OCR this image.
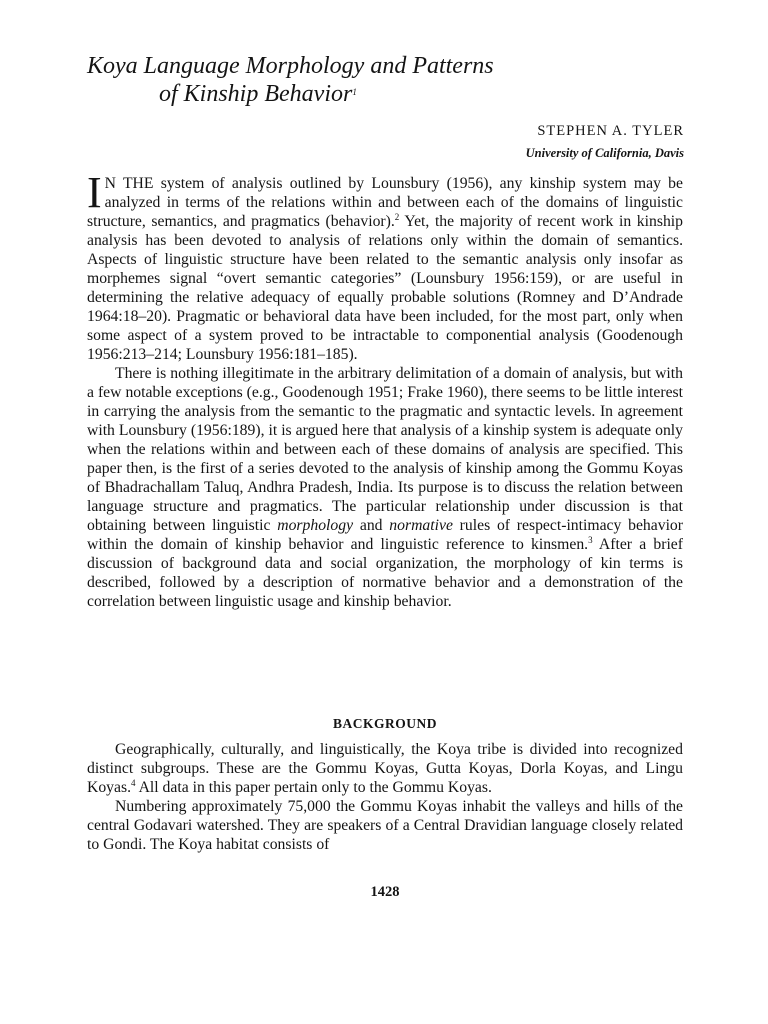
Koya Language Morphology and Patterns
of Kinship Behavior$^1$
STEPHEN A. TYLER
University of California, Davis

I N THE system of analysis outlined by Lounsbury (1956), any kinship system may be analyzed in terms of the relations within and between each of the domains of linguistic structure, semantics, and pragmatics (behavior).$^2$ Yet, the majority of recent work in kinship analysis has been devoted to analysis of relations only within the domain of semantics. Aspects of linguistic structure have been related to the semantic analysis only insofar as morphemes signal “overt semantic categories” (Lounsbury 1956:159), or are useful in determining the relative adequacy of equally probable solutions (Romney and D’Andrade 1964:18–20). Pragmatic or behavioral data have been included, for the most part, only when some aspect of a system proved to be intractable to componential analysis (Goodenough 1956:213–214; Lounsbury 1956:181–185).

There is nothing illegitimate in the arbitrary delimitation of a domain of analysis, but with a few notable exceptions (e.g., Goodenough 1951; Frake 1960), there seems to be little interest in carrying the analysis from the semantic to the pragmatic and syntactic levels. In agreement with Lounsbury (1956:189), it is argued here that analysis of a kinship system is adequate only when the relations within and between each of these domains of analysis are specified. This paper then, is the first of a series devoted to the analysis of kinship among the Gommu Koyas of Bhadrachallam Taluq, Andhra Pradesh, India. Its purpose is to discuss the relation between language structure and pragmatics. The particular relationship under discussion is that obtaining between linguistic morphology and normative rules of respect-intimacy behavior within the domain of kinship behavior and linguistic reference to kinsmen.$^3$ After a brief discussion of background data and social organization, the morphology of kin terms is described, followed by a description of normative behavior and a demonstration of the correlation between linguistic usage and kinship behavior.

BACKGROUND

Geographically, culturally, and linguistically, the Koya tribe is divided into recognized distinct subgroups. These are the Gommu Koyas, Gutta Koyas, Dorla Koyas, and Lingu Koyas.$^4$ All data in this paper pertain only to the Gommu Koyas.

Numbering approximately 75,000 the Gommu Koyas inhabit the valleys and hills of the central Godavari watershed. They are speakers of a Central Dravidian language closely related to Gondi. The Koya habitat consists of

1428
